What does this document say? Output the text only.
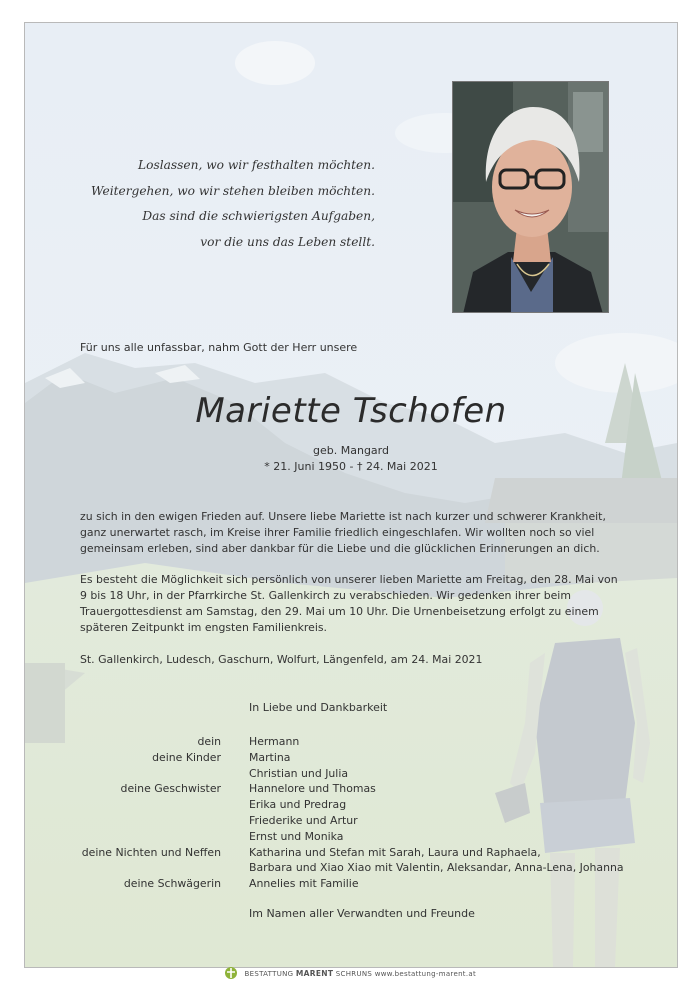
Loslassen, wo wir festhalten möchten.
Weitergehen, wo wir stehen bleiben möchten.
Das sind die schwierigsten Aufgaben,
vor die uns das Leben stellt.
Für uns alle unfassbar, nahm Gott der Herr unsere
Mariette Tschofen
geb. Mangard
* 21. Juni 1950 - † 24. Mai 2021
zu sich in den ewigen Frieden auf. Unsere liebe Mariette ist nach kurzer und schwerer Krankheit,
ganz unerwartet rasch, im Kreise ihrer Familie friedlich eingeschlafen. Wir wollten noch so viel
gemeinsam erleben, sind aber dankbar für die Liebe und die glücklichen Erinnerungen an dich.
Es besteht die Möglichkeit sich persönlich von unserer lieben Mariette am Freitag, den 28. Mai von
9 bis 18 Uhr, in der Pfarrkirche St. Gallenkirch zu verabschieden. Wir gedenken ihrer beim
Trauergottesdienst am Samstag, den 29. Mai um 10 Uhr. Die Urnenbeisetzung erfolgt zu einem
späteren Zeitpunkt im engsten Familienkreis.
St. Gallenkirch, Ludesch, Gaschurn, Wolfurt, Längenfeld, am 24. Mai 2021
In Liebe und Dankbarkeit
dein	Hermann
deine Kinder	Martina
Christian und Julia
deine Geschwister	Hannelore und Thomas
Erika und Predrag
Friederike und Artur
Ernst und Monika
deine Nichten und Neffen	Katharina und Stefan mit Sarah, Laura und Raphaela,
Barbara und Xiao Xiao mit Valentin, Aleksandar, Anna-Lena, Johanna
deine Schwägerin	Annelies mit Familie
Im Namen aller Verwandten und Freunde
BESTATTUNG MARENT SCHRUNS www.bestattung-marent.at
